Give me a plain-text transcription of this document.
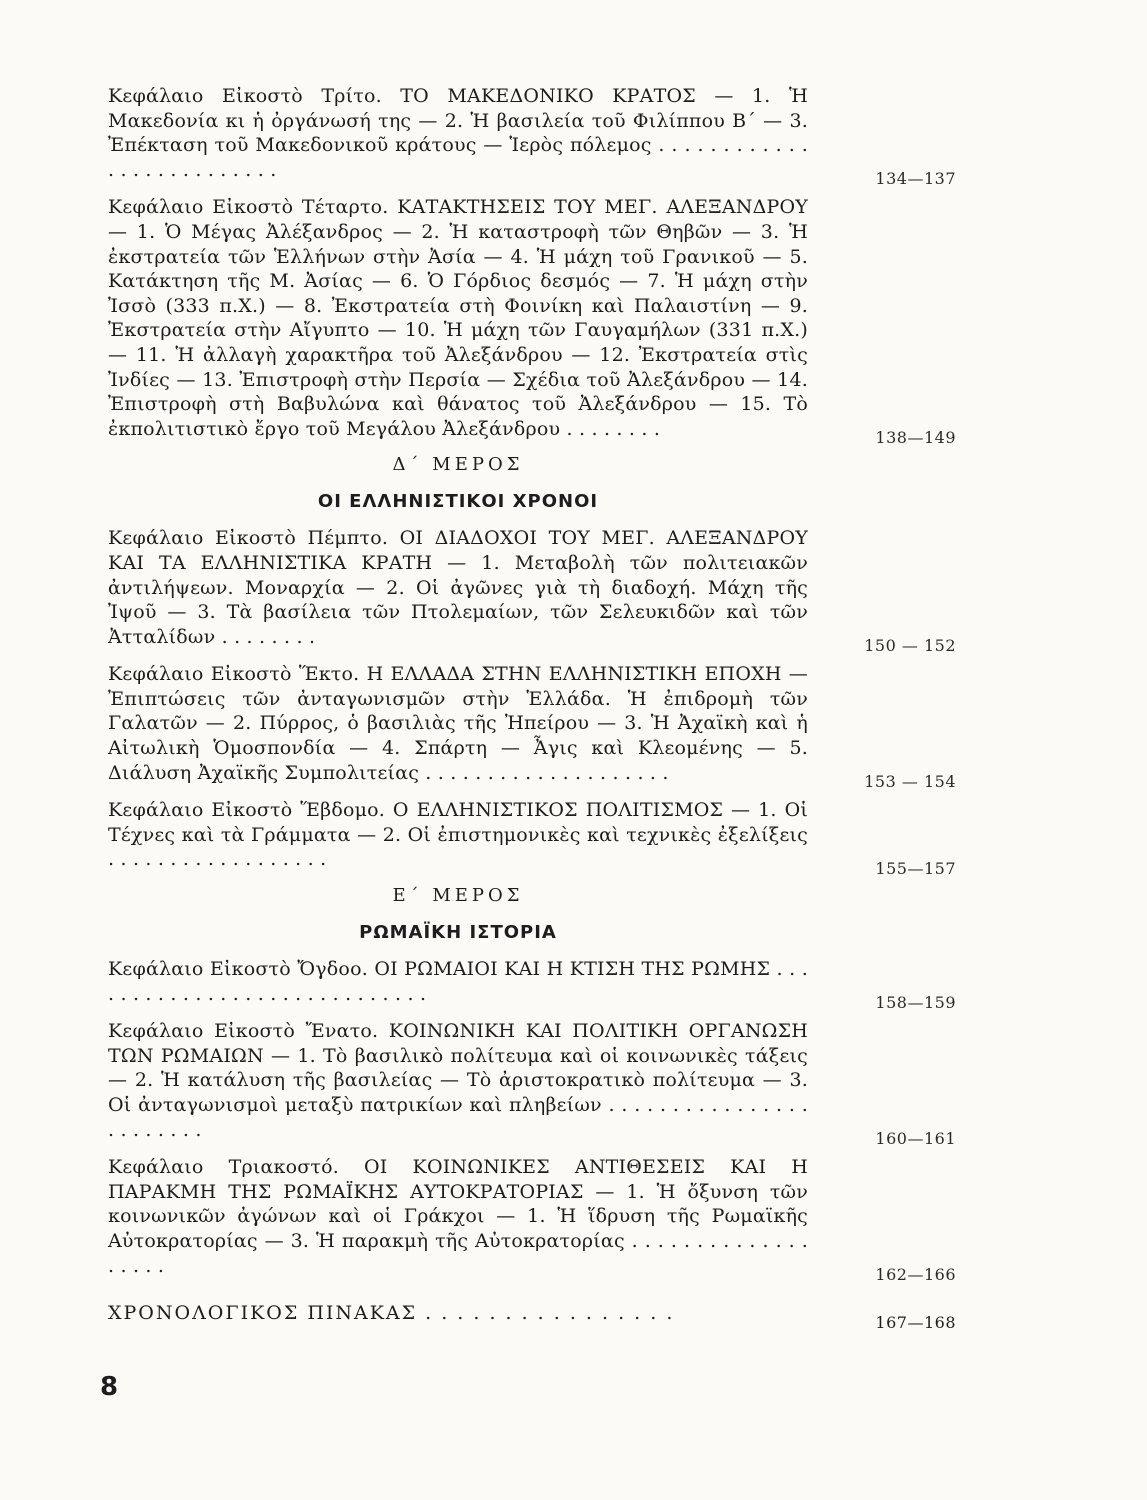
Κεφάλαιο Εἰκοστὸ Τρίτο. ΤΟ ΜΑΚΕΔΟΝΙΚΟ ΚΡΑΤΟΣ — 1. Ἡ Μακεδονία κι ἡ ὀργάνωσή της — 2. Ἡ βασιλεία τοῦ Φιλίππου Β΄ — 3. Ἐπέκταση τοῦ Μακεδονικοῦ κράτους — Ἱερὸς πόλεμος . . . . . . . . . . . . . . . . . . . . . . . . . .	134—137
Κεφάλαιο Εἰκοστὸ Τέταρτο. ΚΑΤΑΚΤΗΣΕΙΣ ΤΟΥ ΜΕΓ. ΑΛΕΞΑΝΔΡΟΥ — 1. Ὁ Μέγας Ἀλέξανδρος — 2. Ἡ καταστροφὴ τῶν Θηβῶν — 3. Ἡ ἐκστρατεία τῶν Ἑλλήνων στὴν Ἀσία — 4. Ἡ μάχη τοῦ Γρανικοῦ — 5. Κατάκτηση τῆς Μ. Ἀσίας — 6. Ὁ Γόρδιος δεσμός — 7. Ἡ μάχη στὴν Ἰσσὸ (333 π.Χ.) — 8. Ἐκστρατεία στὴ Φοινίκη καὶ Παλαιστίνη — 9. Ἐκστρατεία στὴν Αἴγυπτο — 10. Ἡ μάχη τῶν Γαυγαμήλων (331 π.Χ.) — 11. Ἡ ἀλλαγὴ χαρακτῆρα τοῦ Ἀλεξάνδρου — 12. Ἐκστρατεία στὶς Ἰνδίες — 13. Ἐπιστροφὴ στὴν Περσία — Σχέδια τοῦ Ἀλεξάνδρου — 14. Ἐπιστροφὴ στὴ Βαβυλώνα καὶ θάνατος τοῦ Ἀλεξάνδρου — 15. Τὸ ἐκπολιτιστικὸ ἔργο τοῦ Μεγάλου Ἀλεξάνδρου . . . . . . . .	138—149
Δ΄ ΜΕΡΟΣ
ΟΙ ΕΛΛΗΝΙΣΤΙΚΟΙ ΧΡΟΝΟΙ
Κεφάλαιο Εἰκοστὸ Πέμπτο. ΟΙ ΔΙΑΔΟΧΟΙ ΤΟΥ ΜΕΓ. ΑΛΕΞΑΝΔΡΟΥ ΚΑΙ ΤΑ ΕΛΛΗΝΙΣΤΙΚΑ ΚΡΑΤΗ — 1. Μεταβολὴ τῶν πολιτειακῶν ἀντιλήψεων. Μοναρχία — 2. Οἱ ἀγῶνες γιὰ τὴ διαδοχή. Μάχη τῆς Ἰψοῦ — 3. Τὰ βασίλεια τῶν Πτολεμαίων, τῶν Σελευκιδῶν καὶ τῶν Ἀτταλίδων . . . . . . . .	150 — 152
Κεφάλαιο Εἰκοστὸ Ἕκτο. Η ΕΛΛΑΔΑ ΣΤΗΝ ΕΛΛΗΝΙΣΤΙΚΗ ΕΠΟΧΗ — Ἐπιπτώσεις τῶν ἀνταγωνισμῶν στὴν Ἑλλάδα. Ἡ ἐπιδρομὴ τῶν Γαλατῶν — 2. Πύρρος, ὁ βασιλιὰς τῆς Ἠπείρου — 3. Ἡ Ἀχαϊκὴ καὶ ἡ Αἰτωλικὴ Ὁμοσπονδία — 4. Σπάρτη — Ἆγις καὶ Κλεομένης — 5. Διάλυση Ἀχαϊκῆς Συμπολιτείας . . . . . . . . . . . . . . . . . . . .	153 — 154
Κεφάλαιο Εἰκοστὸ Ἕβδομο. Ο ΕΛΛΗΝΙΣΤΙΚΟΣ ΠΟΛΙΤΙΣΜΟΣ — 1. Οἱ Τέχνες καὶ τὰ Γράμματα — 2. Οἱ ἐπιστημονικὲς καὶ τεχνικὲς ἐξελίξεις . . . . . . . . . . . . . . . . . .	155—157
Ε΄ ΜΕΡΟΣ
ΡΩΜΑΪΚΗ ΙΣΤΟΡΙΑ
Κεφάλαιο Εἰκοστὸ Ὄγδοο. ΟΙ ΡΩΜΑΙΟΙ ΚΑΙ Η ΚΤΙΣΗ ΤΗΣ ΡΩΜΗΣ . . . . . . . . . . . . . . . . . . . . . . . . . . . . .	158—159
Κεφάλαιο Εἰκοστὸ Ἔνατο. ΚΟΙΝΩΝΙΚΗ ΚΑΙ ΠΟΛΙΤΙΚΗ ΟΡΓΑΝΩΣΗ ΤΩΝ ΡΩΜΑΙΩΝ — 1. Τὸ βασιλικὸ πολίτευμα καὶ οἱ κοινωνικὲς τάξεις — 2. Ἡ κατάλυση τῆς βασιλείας — Τὸ ἀριστοκρατικὸ πολίτευμα — 3. Οἱ ἀνταγωνισμοὶ μεταξὺ πατρικίων καὶ πληβείων . . . . . . . . . . . . . . . . . . . . . . . .	160—161
Κεφάλαιο Τριακοστό. ΟΙ ΚΟΙΝΩΝΙΚΕΣ ΑΝΤΙΘΕΣΕΙΣ ΚΑΙ Η ΠΑΡΑΚΜΗ ΤΗΣ ΡΩΜΑΪΚΗΣ ΑΥΤΟΚΡΑΤΟΡΙΑΣ — 1. Ἡ ὄξυνση τῶν κοινωνικῶν ἀγώνων καὶ οἱ Γράκχοι — 1. Ἡ ἵδρυση τῆς Ρωμαϊκῆς Αὐτοκρατορίας — 3. Ἡ παρακμὴ τῆς Αὐτοκρατορίας . . . . . . . . . . . . . . . . . . .	162—166
ΧΡΟΝΟΛΟΓΙΚΟΣ ΠΙΝΑΚΑΣ . . . . . . . . . . . . . . . .	167—168
8
